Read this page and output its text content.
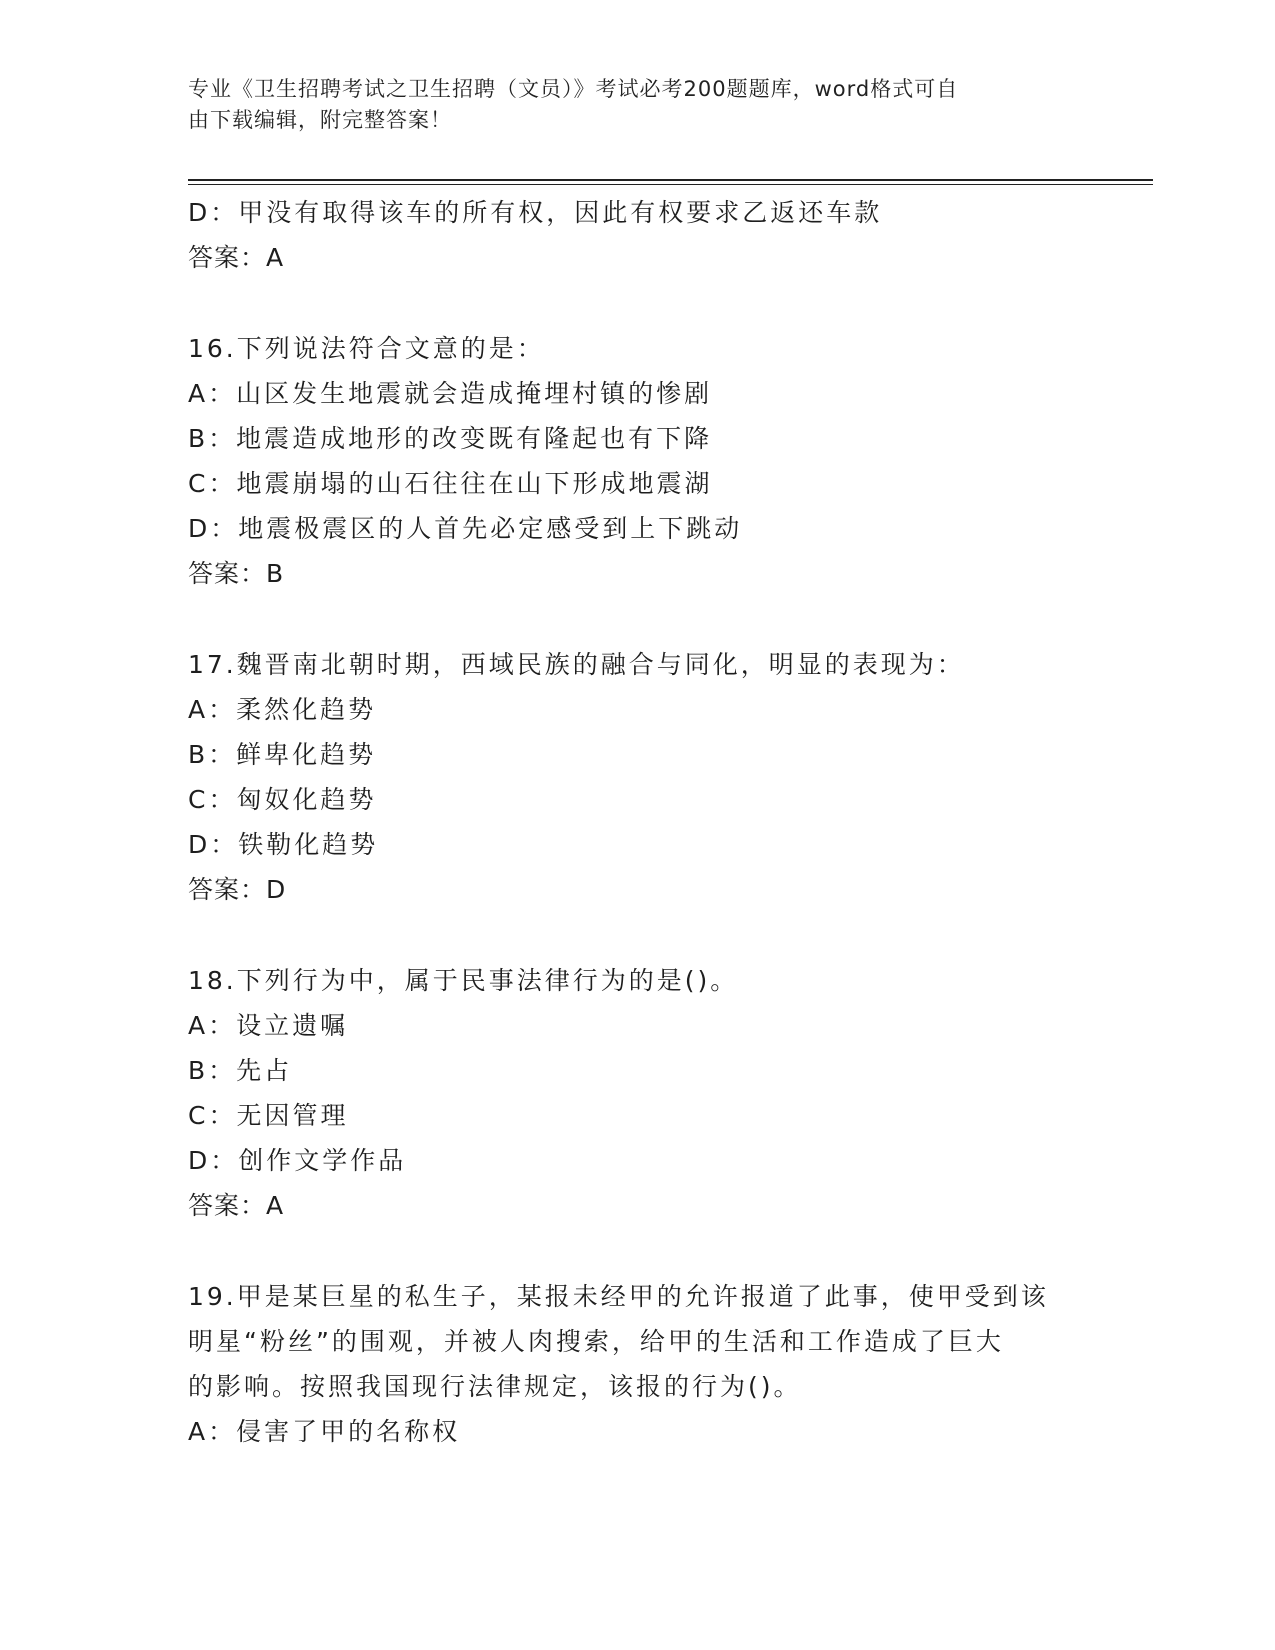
专业《卫生招聘考试之卫生招聘（文员）》考试必考200题题库，word格式可自
由下载编辑，附完整答案！
D：甲没有取得该车的所有权，因此有权要求乙返还车款
答案：A
16.下列说法符合文意的是：
A：山区发生地震就会造成掩埋村镇的惨剧
B：地震造成地形的改变既有隆起也有下降
C：地震崩塌的山石往往在山下形成地震湖
D：地震极震区的人首先必定感受到上下跳动
答案：B
17.魏晋南北朝时期，西域民族的融合与同化，明显的表现为：
A：柔然化趋势
B：鲜卑化趋势
C：匈奴化趋势
D：铁勒化趋势
答案：D
18.下列行为中，属于民事法律行为的是()。
A：设立遗嘱
B：先占
C：无因管理
D：创作文学作品
答案：A
19.甲是某巨星的私生子，某报未经甲的允许报道了此事，使甲受到该
明星“粉丝”的围观，并被人肉搜索，给甲的生活和工作造成了巨大
的影响。按照我国现行法律规定，该报的行为()。
A：侵害了甲的名称权
